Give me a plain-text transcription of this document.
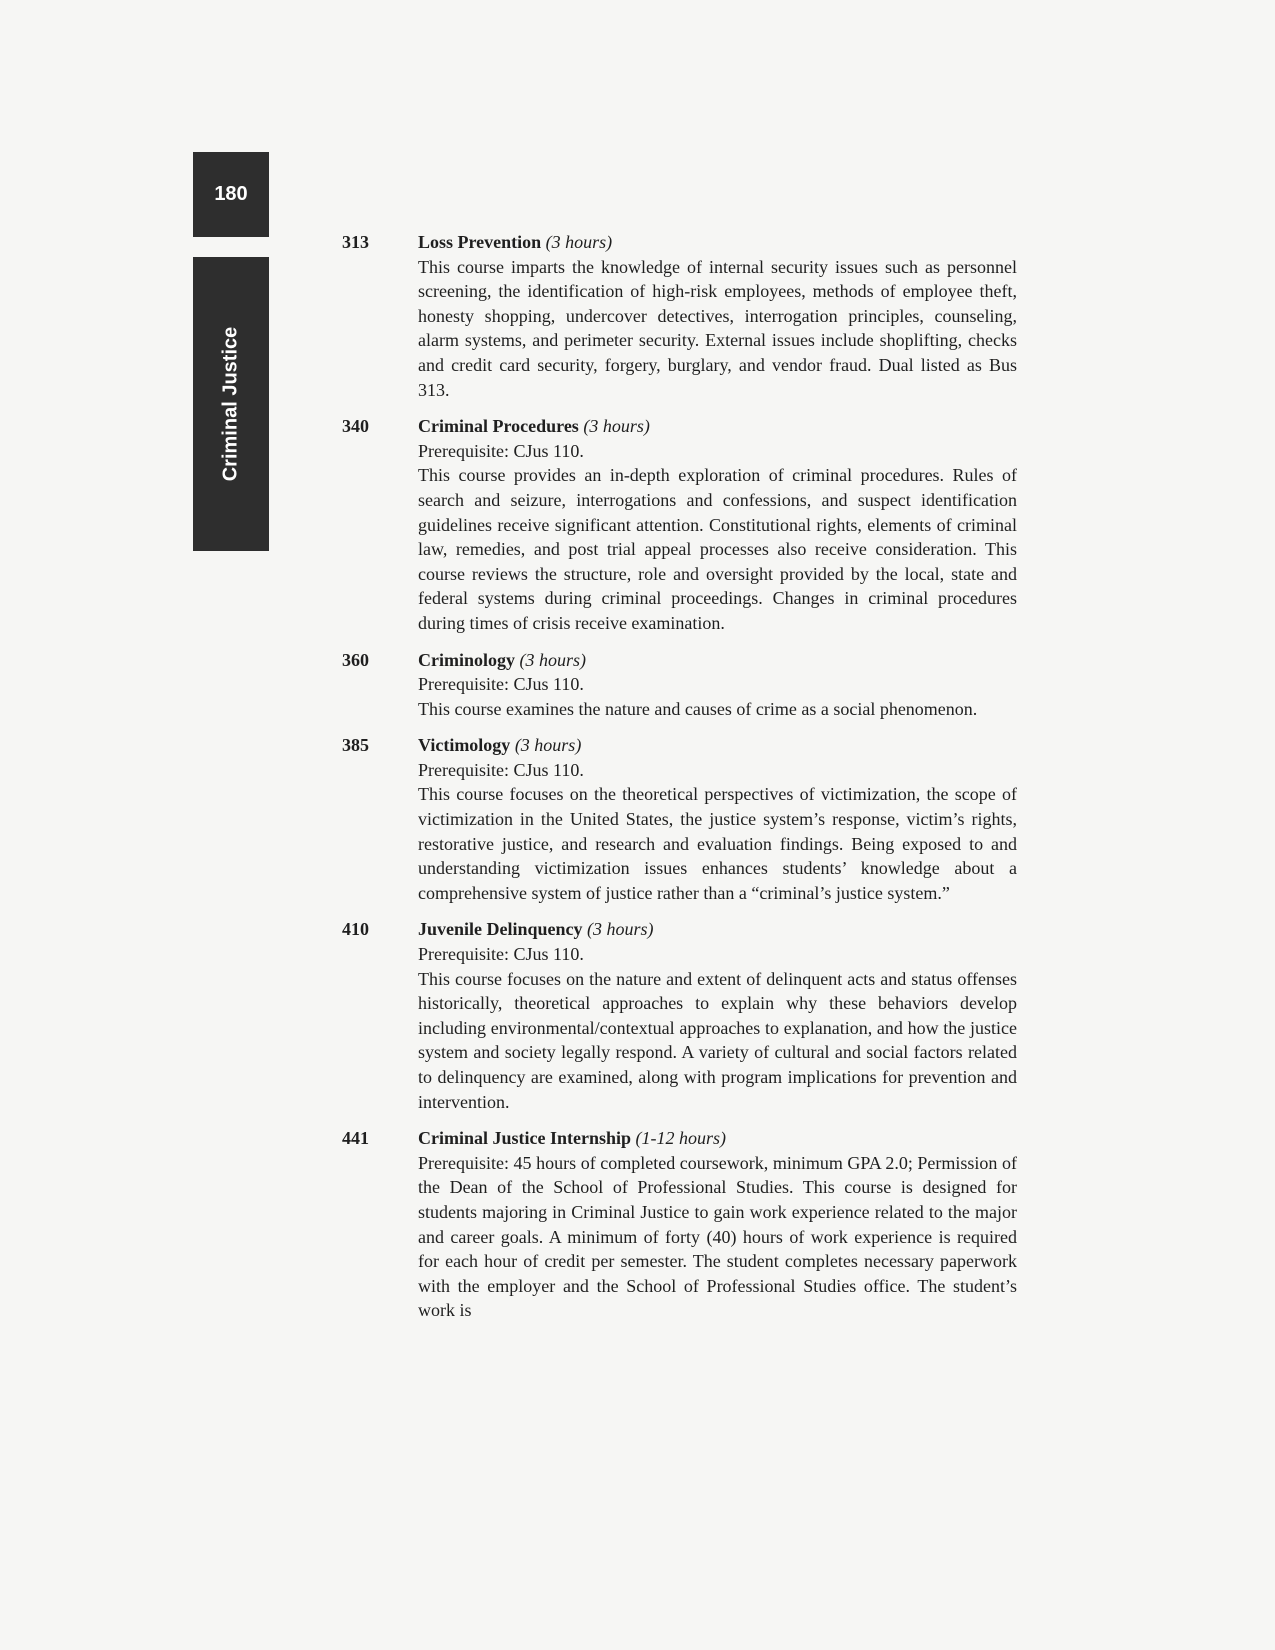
180
Criminal Justice
313	Loss Prevention (3 hours)

This course imparts the knowledge of internal security issues such as personnel screening, the identification of high-risk employees, methods of employee theft, honesty shopping, undercover detectives, interrogation principles, counseling, alarm systems, and perimeter security. External issues include shoplifting, checks and credit card security, forgery, burglary, and vendor fraud. Dual listed as Bus 313.

340	Criminal Procedures (3 hours)

Prerequisite: CJus 110.

This course provides an in-depth exploration of criminal procedures. Rules of search and seizure, interrogations and confessions, and suspect identification guidelines receive significant attention. Constitutional rights, elements of criminal law, remedies, and post trial appeal processes also receive consideration. This course reviews the structure, role and oversight provided by the local, state and federal systems during criminal proceedings. Changes in criminal procedures during times of crisis receive examination.

360	Criminology (3 hours)

Prerequisite: CJus 110.

This course examines the nature and causes of crime as a social phenomenon.

385	Victimology (3 hours)

Prerequisite: CJus 110.

This course focuses on the theoretical perspectives of victimization, the scope of victimization in the United States, the justice system’s response, victim’s rights, restorative justice, and research and evaluation findings. Being exposed to and understanding victimization issues enhances students’ knowledge about a comprehensive system of justice rather than a “criminal’s justice system.”

410	Juvenile Delinquency (3 hours)

Prerequisite: CJus 110.

This course focuses on the nature and extent of delinquent acts and status offenses historically, theoretical approaches to explain why these behaviors develop including environmental/contextual approaches to explanation, and how the justice system and society legally respond. A variety of cultural and social factors related to delinquency are examined, along with program implications for prevention and intervention.

441	Criminal Justice Internship (1-12 hours)

Prerequisite: 45 hours of completed coursework, minimum GPA 2.0; Permission of the Dean of the School of Professional Studies. This course is designed for students majoring in Criminal Justice to gain work experience related to the major and career goals. A minimum of forty (40) hours of work experience is required for each hour of credit per semester. The student completes necessary paperwork with the employer and the School of Professional Studies office. The student’s work is
